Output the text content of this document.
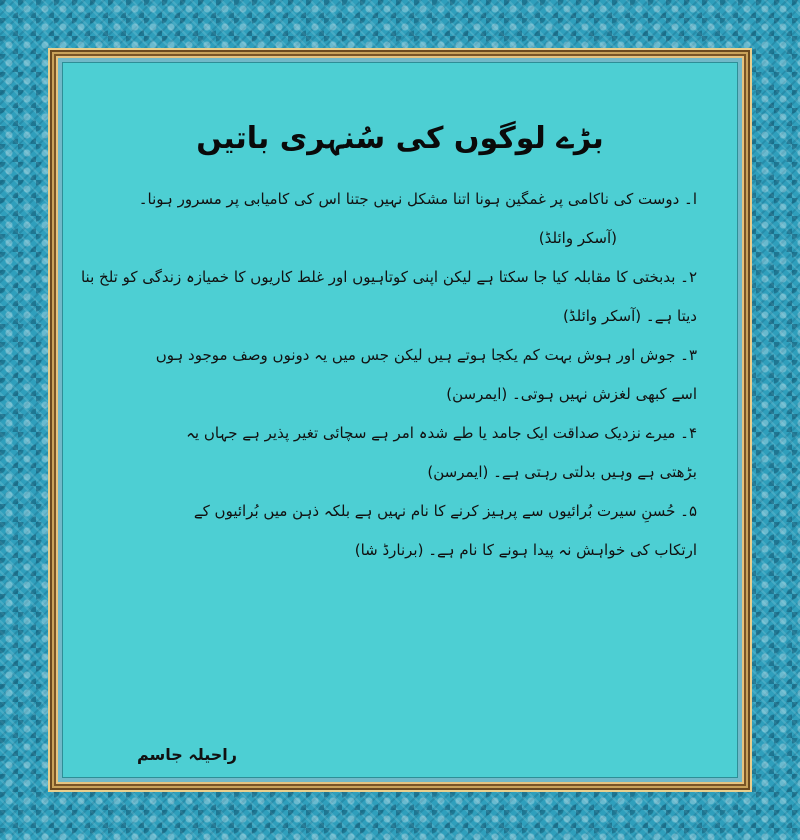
بڑے لوگوں کی سُنہری باتیں
ا۔ دوست کی ناکامی پر غمگین ہونا اتنا مشکل نہیں جتنا اس کی کامیابی پر مسرور ہونا۔
(آسکر وائلڈ)
۲۔ بدبختی کا مقابلہ کیا جا سکتا ہے لیکن اپنی کوتاہیوں اور غلط کاریوں کا خمیازہ زندگی کو تلخ بنا
دیتا ہے۔ (آسکر وائلڈ)
۳۔ جوش اور ہوش بہت کم یکجا ہوتے ہیں لیکن جس میں یہ دونوں وصف موجود ہوں
اسے کبھی لغزش نہیں ہوتی۔ (ایمرسن)
۴۔ میرے نزدیک صداقت ایک جامد یا طے شدہ امر ہے سچائی تغیر پذیر ہے جہاں یہ
بڑھتی ہے وہیں بدلتی رہتی ہے۔ (ایمرسن)
۵۔ حُسنِ سیرت بُرائیوں سے پرہیز کرنے کا نام نہیں ہے بلکہ ذہن میں بُرائیوں کے
ارتکاب کی خواہش نہ پیدا ہونے کا نام ہے۔ (برنارڈ شا)
راحیلہ جاسم
